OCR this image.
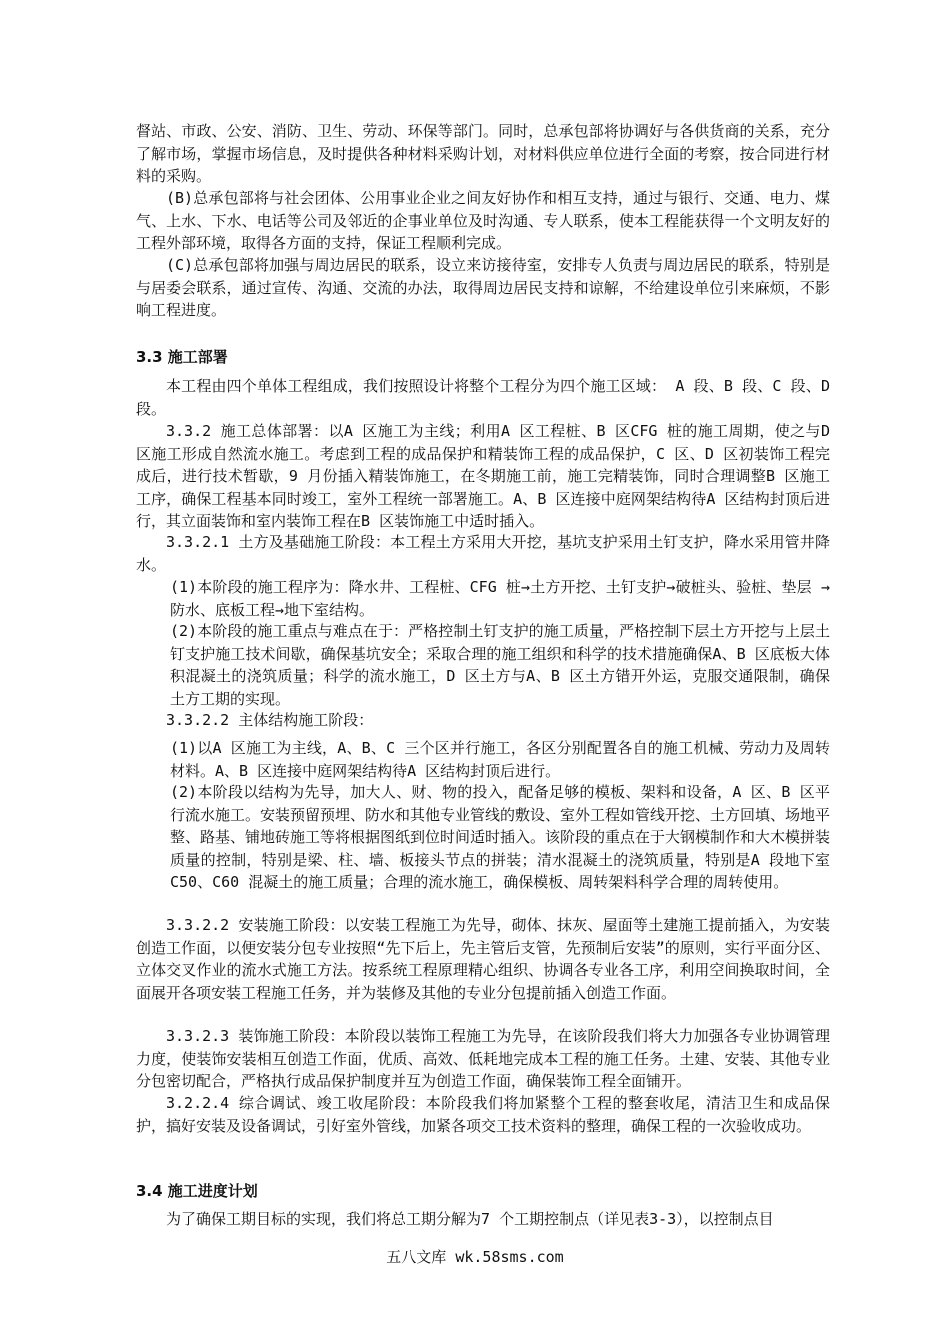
督站、市政、公安、消防、卫生、劳动、环保等部门。同时，总承包部将协调好与各供货商的关系，充分了解市场，掌握市场信息，及时提供各种材料采购计划，对材料供应单位进行全面的考察，按合同进行材料的采购。

(B)总承包部将与社会团体、公用事业企业之间友好协作和相互支持，通过与银行、交通、电力、煤气、上水、下水、电话等公司及邻近的企事业单位及时沟通、专人联系，使本工程能获得一个文明友好的工程外部环境，取得各方面的支持，保证工程顺利完成。

(C)总承包部将加强与周边居民的联系，设立来访接待室，安排专人负责与周边居民的联系，特别是与居委会联系，通过宣传、沟通、交流的办法，取得周边居民支持和谅解，不给建设单位引来麻烦，不影响工程进度。

3.3 施工部署

本工程由四个单体工程组成，我们按照设计将整个工程分为四个施工区域： A 段、B 段、C 段、D 段。

3.3.2 施工总体部署：以A 区施工为主线；利用A 区工程桩、B 区CFG 桩的施工周期，使之与D 区施工形成自然流水施工。考虑到工程的成品保护和精装饰工程的成品保护，C 区、D 区初装饰工程完成后，进行技术暂歇，9 月份插入精装饰施工，在冬期施工前，施工完精装饰，同时合理调整B 区施工工序，确保工程基本同时竣工，室外工程统一部署施工。A、B 区连接中庭网架结构待A 区结构封顶后进行，其立面装饰和室内装饰工程在B 区装饰施工中适时插入。

3.3.2.1 土方及基础施工阶段：本工程土方采用大开挖，基坑支护采用土钉支护，降水采用管井降水。

(1)本阶段的施工程序为：降水井、工程桩、CFG 桩→土方开挖、土钉支护→破桩头、验桩、垫层 →防水、底板工程→地下室结构。

(2)本阶段的施工重点与难点在于：严格控制土钉支护的施工质量，严格控制下层土方开挖与上层土钉支护施工技术间歇，确保基坑安全；采取合理的施工组织和科学的技术措施确保A、B 区底板大体积混凝土的浇筑质量；科学的流水施工，D 区土方与A、B 区土方错开外运，克服交通限制，确保土方工期的实现。

3.3.2.2 主体结构施工阶段：

(1)以A 区施工为主线，A、B、C 三个区并行施工，各区分别配置各自的施工机械、劳动力及周转材料。A、B 区连接中庭网架结构待A 区结构封顶后进行。

(2)本阶段以结构为先导，加大人、财、物的投入，配备足够的模板、架料和设备，A 区、B 区平行流水施工。安装预留预埋、防水和其他专业管线的敷设、室外工程如管线开挖、土方回填、场地平整、路基、铺地砖施工等将根据图纸到位时间适时插入。该阶段的重点在于大钢模制作和大木模拼装质量的控制，特别是梁、柱、墙、板接头节点的拼装；清水混凝土的浇筑质量，特别是A 段地下室C50、C60 混凝土的施工质量；合理的流水施工，确保模板、周转架料科学合理的周转使用。

3.3.2.2 安装施工阶段：以安装工程施工为先导，砌体、抹灰、屋面等土建施工提前插入，为安装创造工作面，以便安装分包专业按照“先下后上，先主管后支管，先预制后安装”的原则，实行平面分区、立体交叉作业的流水式施工方法。按系统工程原理精心组织、协调各专业各工序，利用空间换取时间，全面展开各项安装工程施工任务，并为装修及其他的专业分包提前插入创造工作面。

3.3.2.3 装饰施工阶段：本阶段以装饰工程施工为先导，在该阶段我们将大力加强各专业协调管理力度，使装饰安装相互创造工作面，优质、高效、低耗地完成本工程的施工任务。土建、安装、其他专业分包密切配合，严格执行成品保护制度并互为创造工作面，确保装饰工程全面铺开。

3.2.2.4 综合调试、竣工收尾阶段：本阶段我们将加紧整个工程的整套收尾，清洁卫生和成品保护，搞好安装及设备调试，引好室外管线，加紧各项交工技术资料的整理，确保工程的一次验收成功。

3.4 施工进度计划

为了确保工期目标的实现，我们将总工期分解为7 个工期控制点（详见表3-3），以控制点目

五八文库 wk.58sms.com
